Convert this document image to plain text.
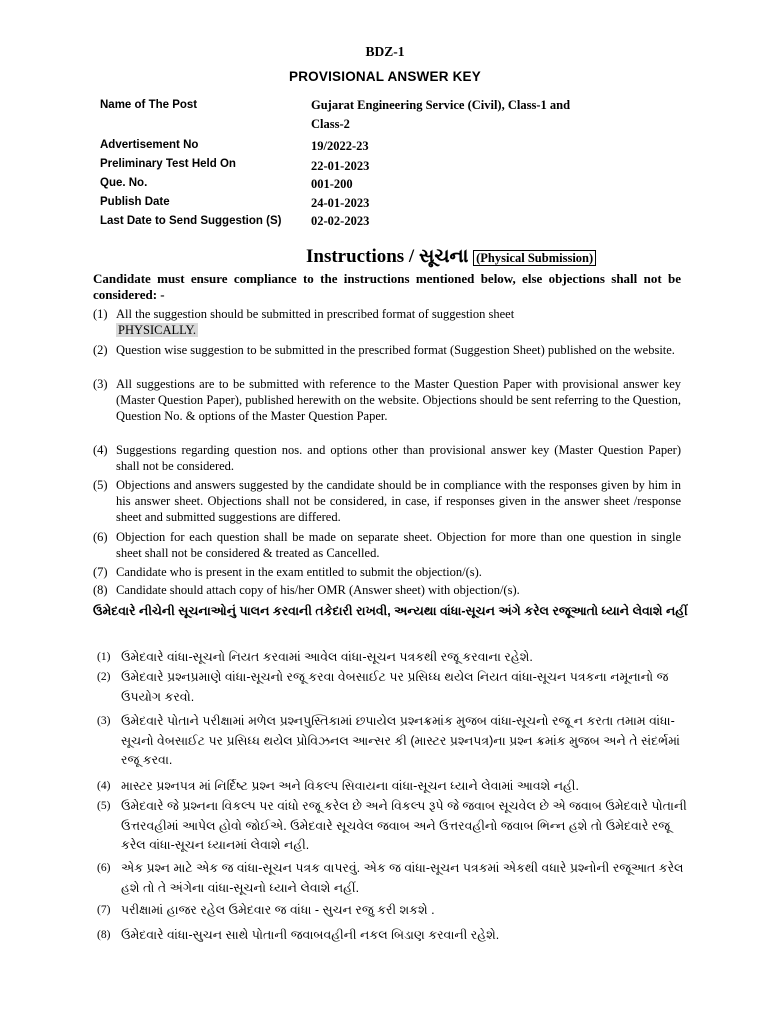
BDZ-1
PROVISIONAL ANSWER KEY
Name of The Post	Gujarat Engineering Service (Civil), Class-1 and
Class-2
Advertisement No	19/2022-23
Preliminary Test Held On	22-01-2023
Que. No.	001-200
Publish Date	24-01-2023
Last Date to Send Suggestion (S) 02-02-2023
Instructions / સૂચના (Physical Submission)
Candidate must ensure compliance to the instructions mentioned below, else objections shall not be considered: -
(1) All the suggestion should be submitted in prescribed format of suggestion sheet
PHYSICALLY.
(2) Question wise suggestion to be submitted in the prescribed format (Suggestion Sheet) published on the website.
(3) All suggestions are to be submitted with reference to the Master Question Paper with provisional answer key (Master Question Paper), published herewith on the website. Objections should be sent referring to the Question, Question No. & options of the Master Question Paper.
(4) Suggestions regarding question nos. and options other than provisional answer key (Master Question Paper) shall not be considered.
(5) Objections and answers suggested by the candidate should be in compliance with the responses given by him in his answer sheet. Objections shall not be considered, in case, if responses given in the answer sheet /response sheet and submitted suggestions are differed.
(6) Objection for each question shall be made on separate sheet. Objection for more than one question in single sheet shall not be considered & treated as Cancelled.
(7) Candidate who is present in the exam entitled to submit the objection/(s).
(8) Candidate should attach copy of his/her OMR (Answer sheet) with objection/(s).
ઉમેદવારે નીચેની સૂચનાઓનું પાલન કરવાની તકેદારી રાખવી, અન્યથા વાંધા-સૂચન અંગે કરેલ રજૂઆતો ધ્યાને લેવાશે નહીં
(1) ઉમેદવારે વાંધા-સૂચનો નિયત કરવામાં આવેલ વાંધા-સૂચન પત્રકથી રજૂ કરવાના રહેશે.
(2) ઉમેદવારે પ્રશ્નપ્રમાણે વાંધા-સૂચનો રજૂ કરવા વેબસાઈટ પર પ્રસિધ્ધ થયેલ નિયત વાંધા-સૂચન પત્રકના નમૂનાનો જ ઉપયોગ કરવો.
(3) ઉમેદવારે પોતાને પરીક્ષામાં મળેલ પ્રશ્નપુસ્તિકામાં છપાયેલ પ્રશ્નક્રમાંક મુજબ વાંધા-સૂચનો રજૂ ન કરતા તમામ વાંધા-સૂચનો વેબસાઈટ પર પ્રસિધ્ધ થયેલ પ્રોવિઝનલ આન્સર કી (માસ્ટર પ્રશ્નપત્ર)ના પ્રશ્ન ક્રમાંક મુજબ અને તે સંદર્ભમાં રજૂ કરવા.
(4) માસ્ટર પ્રશ્નપત્ર માં નિર્દિષ્ટ પ્રશ્ન અને વિકલ્પ સિવાયના વાંધા-સૂચન ધ્યાને લેવામાં આવશે નહી.
(5) ઉમેદવારે જે પ્રશ્નના વિકલ્પ પર વાંધો રજૂ કરેલ છે અને વિકલ્પ રૂપે જે જવાબ સૂચવેલ છે એ જવાબ ઉમેદવારે પોતાની ઉત્તરવહીમાં આપેલ હોવો જોઈએ. ઉમેદવારે સૂચવેલ જવાબ અને ઉત્તરવહીનો જવાબ ભિન્ન હશે તો ઉમેદવારે રજૂ કરેલ વાંધા-સૂચન ધ્યાનમાં લેવાશે નહી.
(6) એક પ્રશ્ન માટે એક જ વાંધા-સૂચન પત્રક વાપરવું. એક જ વાંધા-સૂચન પત્રકમાં એકથી વધારે પ્રશ્નોની રજૂઆત કરેલ હશે તો તે અંગેના વાંધા-સૂચનો ધ્યાને લેવાશે નહીં.
(7) પરીક્ષામાં હાજર રહેલ ઉમેદવાર જ વાંધા - સુચન રજુ કરી શકશે .
(8) ઉમેદવારે વાંધા-સુચન સાથે પોતાની જવાબવહીની નકલ બિડાણ કરવાની રહેશે.
